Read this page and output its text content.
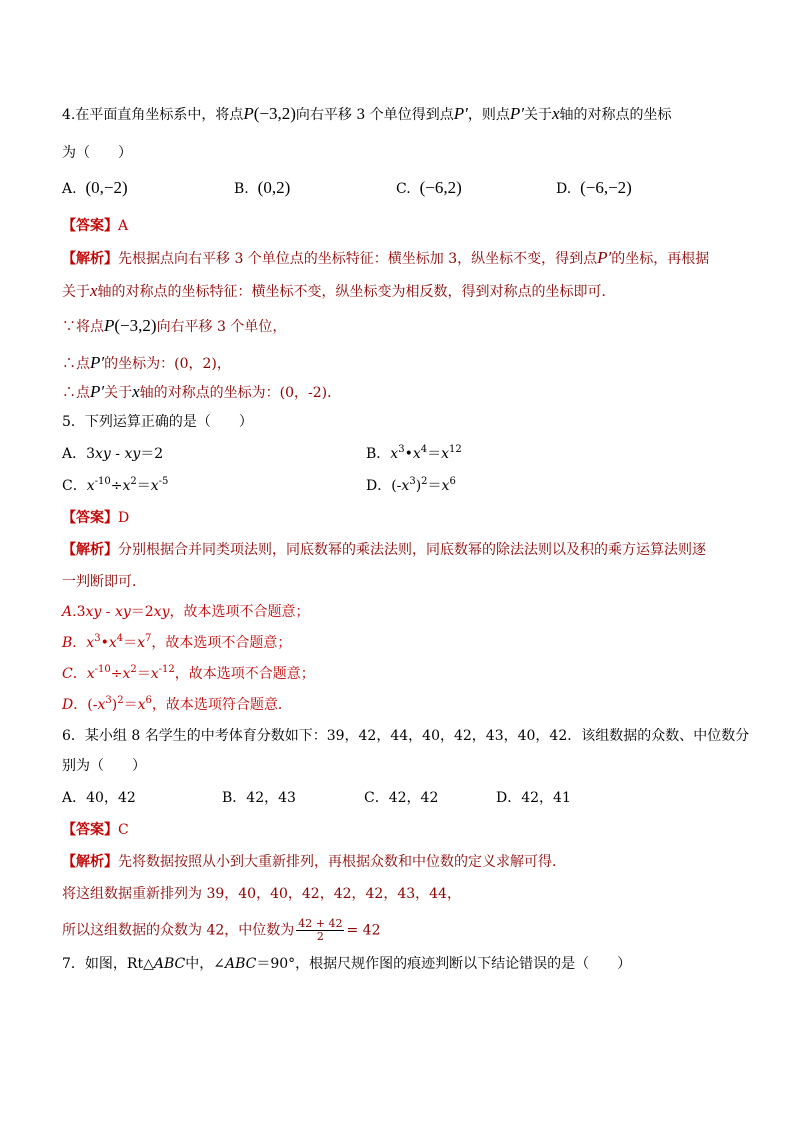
4.在平面直角坐标系中，将点P(−3,2)向右平移 3 个单位得到点P′，则点P′关于x轴的对称点的坐标
为（　　）
A. (0,−2)	B. (0,2)	C. (−6,2)	D. (−6,−2)
【答案】A
【解析】先根据点向右平移 3 个单位点的坐标特征：横坐标加 3，纵坐标不变，得到点P′的坐标，再根据
关于x轴的对称点的坐标特征：横坐标不变，纵坐标变为相反数，得到对称点的坐标即可．
∵将点P(−3,2)向右平移 3 个单位，
∴点P′的坐标为：(0，2)，
∴点P′关于x轴的对称点的坐标为：(0，-2)．
5．下列运算正确的是（　　）
A．3xy - xy＝2	B．$x^3•x^4=x^{12}$
C．$x^{-10}\div x^2=x^{-5}$	D．$(-x^3)^2=x^6$
【答案】D
【解析】分别根据合并同类项法则，同底数幂的乘法法则，同底数幂的除法法则以及积的乘方运算法则逐
一判断即可．
A.3xy - xy＝2xy，故本选项不合题意；
B．$x^3•x^4=x^7$，故本选项不合题意；
C．$x^{-10}\div x^2=x^{-12}$，故本选项不合题意；
D．$(-x^3)^2=x^6$，故本选项符合题意．
6．某小组 8 名学生的中考体育分数如下：39，42，44，40，42，43，40，42．该组数据的众数、中位数分
别为（　　）
A．40，42	B．42，43	C．42，42	D．42，41
【答案】C
【解析】先将数据按照从小到大重新排列，再根据众数和中位数的定义求解可得．
将这组数据重新排列为 39，40，40，42，42，42，43，44，
所以这组数据的众数为 42，中位数为 $\frac{42 + 42}{2} = 42$
7．如图，Rt△ABC中，∠ABC＝90°，根据尺规作图的痕迹判断以下结论错误的是（　　）
